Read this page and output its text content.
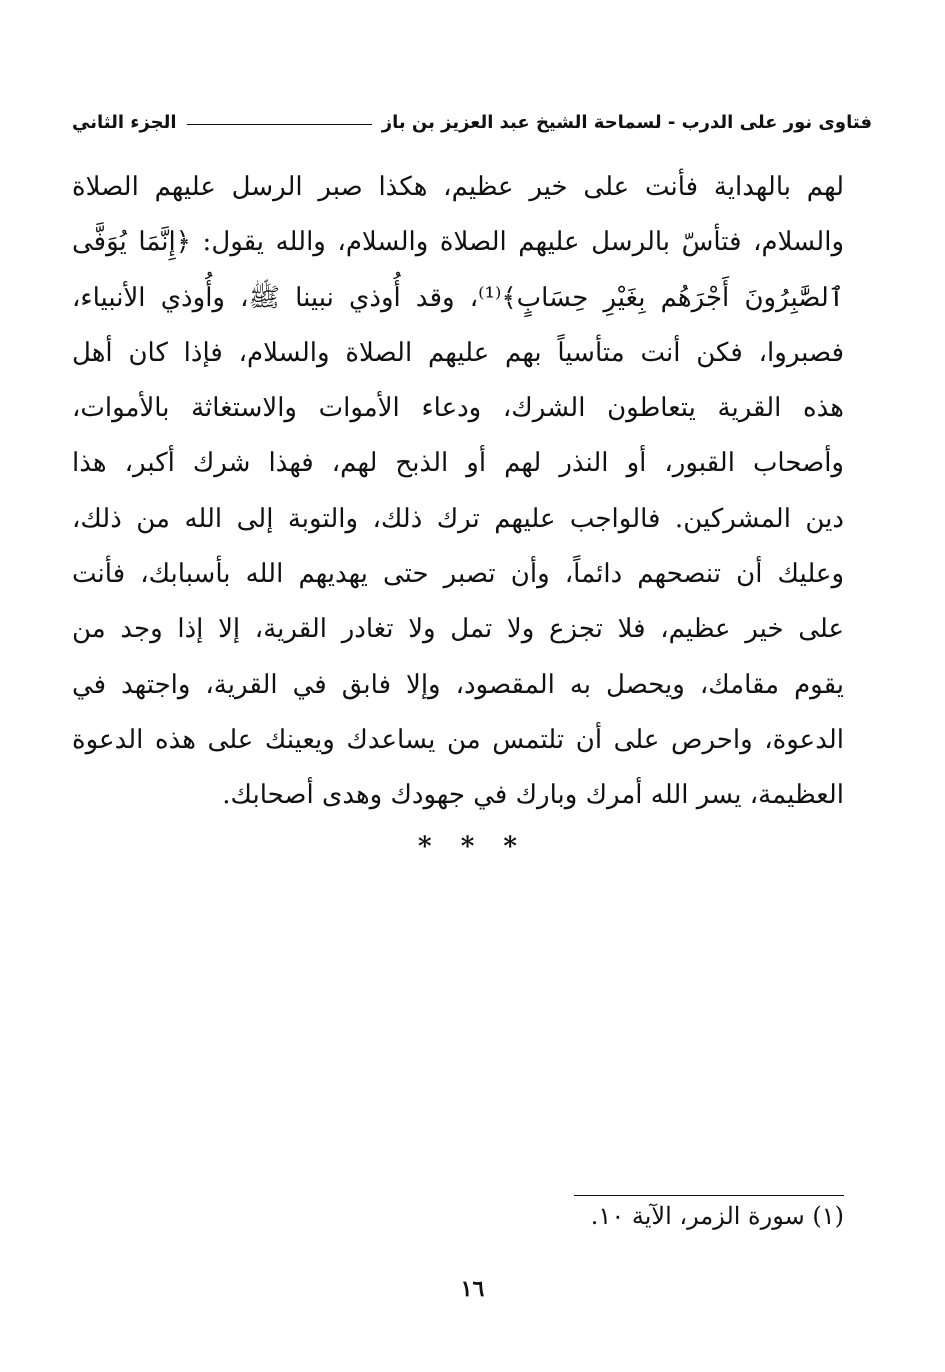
فتاوى نور على الدرب - لسماحة الشيخ عبد العزيز بن باز
الجزء الثاني
لهم بالهداية فأنت على خير عظيم، هكذا صبر الرسل عليهم الصلاة
والسلام، فتأسّ بالرسل عليهم الصلاة والسلام، والله يقول: ﴿إِنَّمَا يُوَفَّى
ٱلصَّٰبِرُونَ أَجْرَهُم بِغَيْرِ حِسَابٍ﴾⁽¹⁾، وقد أُوذي نبينا ﷺ، وأُوذي الأنبياء،
فصبروا، فكن أنت متأسياً بهم عليهم الصلاة والسلام، فإذا كان أهل
هذه القرية يتعاطون الشرك، ودعاء الأموات والاستغاثة بالأموات،
وأصحاب القبور، أو النذر لهم أو الذبح لهم، فهذا شرك أكبر، هذا
دين المشركين. فالواجب عليهم ترك ذلك، والتوبة إلى الله من ذلك،
وعليك أن تنصحهم دائماً، وأن تصبر حتى يهديهم الله بأسبابك، فأنت
على خير عظيم، فلا تجزع ولا تمل ولا تغادر القرية، إلا إذا وجد من
يقوم مقامك، ويحصل به المقصود، وإلا فابق في القرية، واجتهد في
الدعوة، واحرص على أن تلتمس من يساعدك ويعينك على هذه الدعوة
العظيمة، يسر الله أمرك وبارك في جهودك وهدى أصحابك.
* * *
(١) سورة الزمر، الآية ١٠.
١٦
